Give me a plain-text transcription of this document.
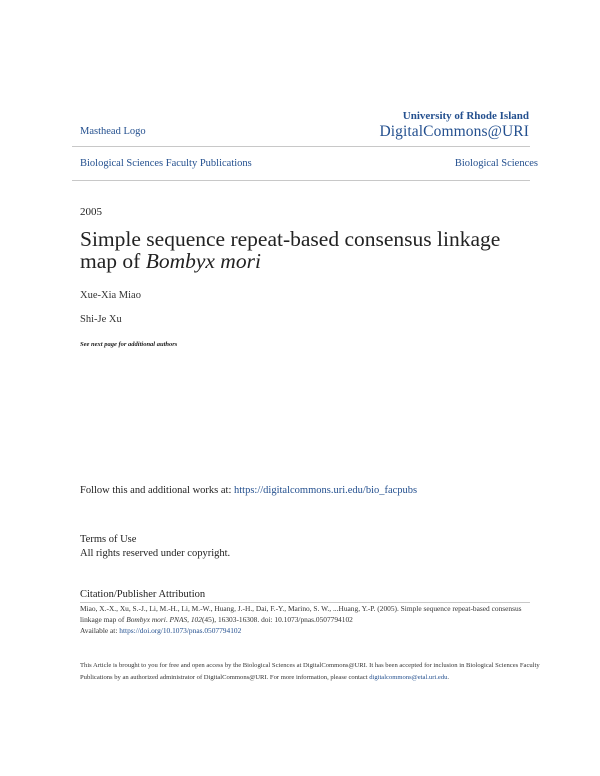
Masthead Logo
University of Rhode Island
DigitalCommons@URI
Biological Sciences Faculty Publications	Biological Sciences
2005
Simple sequence repeat-based consensus linkage map of Bombyx mori
Xue-Xia Miao
Shi-Je Xu
See next page for additional authors
Follow this and additional works at: https://digitalcommons.uri.edu/bio_facpubs
Terms of Use
All rights reserved under copyright.
Citation/Publisher Attribution
Miao, X.-X., Xu, S.-J., Li, M.-H., Li, M.-W., Huang, J.-H., Dai, F.-Y., Marino, S. W., ...Huang, Y.-P. (2005). Simple sequence repeat-based consensus linkage map of Bombyx mori. PNAS, 102(45), 16303-16308. doi: 10.1073/pnas.0507794102
Available at: https://doi.org/10.1073/pnas.0507794102
This Article is brought to you for free and open access by the Biological Sciences at DigitalCommons@URI. It has been accepted for inclusion in Biological Sciences Faculty Publications by an authorized administrator of DigitalCommons@URI. For more information, please contact digitalcommons@etal.uri.edu.
